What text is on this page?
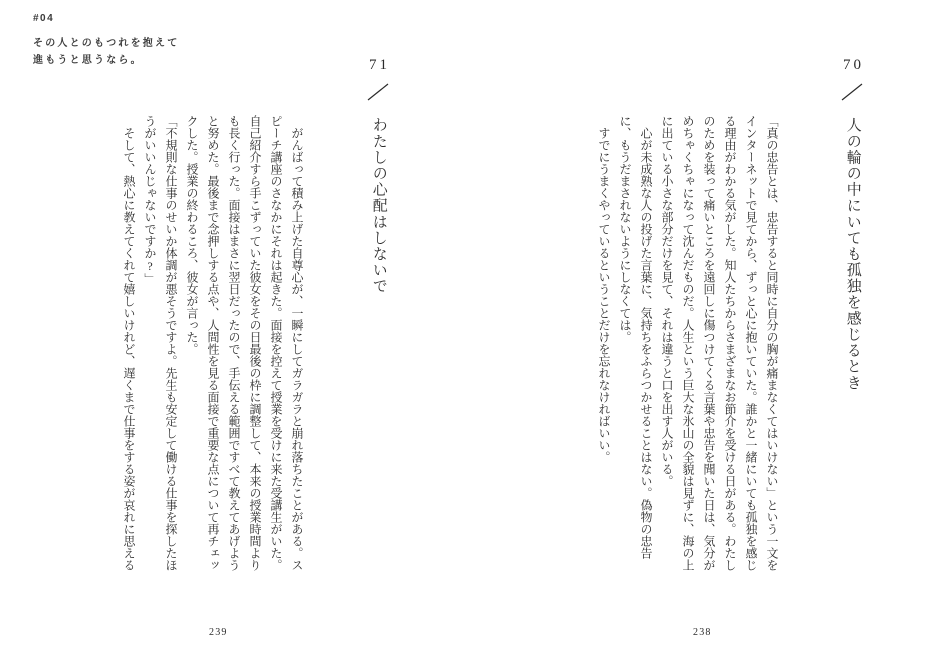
#04
その人とのもつれを抱えて
進もうと思うなら。	70
人の輪の中にいても孤独を感じるとき

「真の忠告とは、忠告すると同時に自分の胸が痛まなくてはいけない」という一文をインターネットで見てから、ずっと心に抱いていた。誰かと一緒にいても孤独を感じる理由がわかる気がした。知人たちからさまざまなお節介を受ける日がある。わたしのためを装って痛いところを遠回しに傷つけてくる言葉や忠告を聞いた日は、気分がめちゃくちゃになって沈んだものだ。人生という巨大な氷山の全貌は見ずに、海の上に出ている小さな部分だけを見て、それは違うと口を出す人がいる。

心が未成熟な人の投げた言葉に、気持ちをふらつかせることはない。偽物の忠告に、もうだまされないようにしなくては。

すでにうまくやっているということだけを忘れなければいい。

238
71
わたしの心配はしないで

がんばって積み上げた自尊心が、一瞬にしてガラガラと崩れ落ちたことがある。スピーチ講座のさなかにそれは起きた。面接を控えて授業を受けに来た受講生がいた。自己紹介すら手こずっていた彼女をその日最後の枠に調整して、本来の授業時間よりも長く行った。面接はまさに翌日だったので、手伝える範囲ですべて教えてあげようと努めた。最後まで念押しする点や、人間性を見る面接で重要な点について再チェックした。授業の終わるころ、彼女が言った。

「不規則な仕事のせいか体調が悪そうですよ。先生も安定して働ける仕事を探したほうがいいんじゃないですか?」

そして、熱心に教えてくれて嬉しいけれど、遅くまで仕事をする姿が哀れに思える

239
